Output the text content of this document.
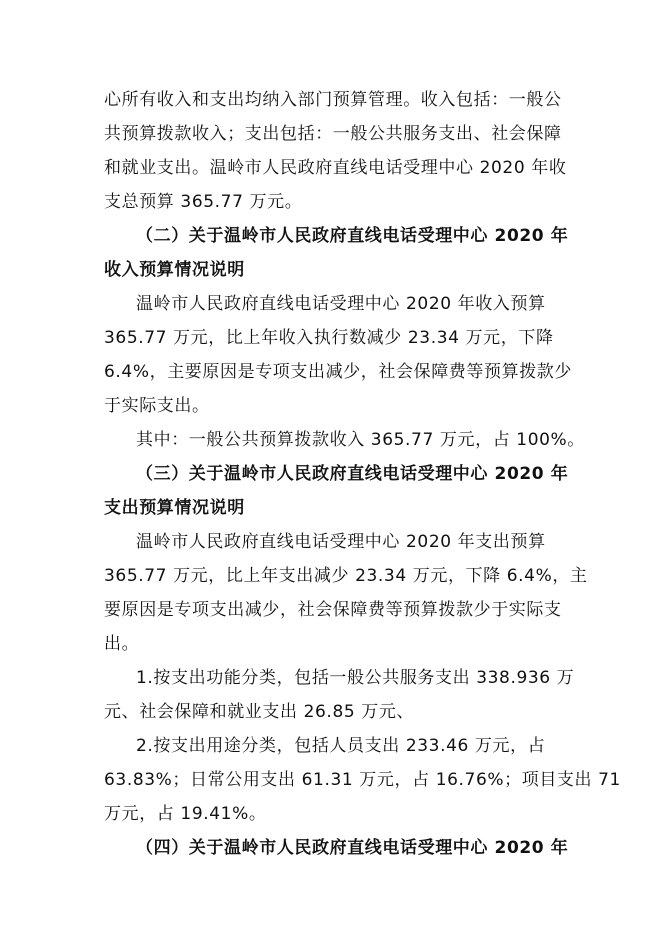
心所有收入和支出均纳入部门预算管理。收入包括：一般公
共预算拨款收入；支出包括：一般公共服务支出、社会保障
和就业支出。温岭市人民政府直线电话受理中心 2020 年收
支总预算 365.77 万元。
（二）关于温岭市人民政府直线电话受理中心 2020 年
收入预算情况说明
温岭市人民政府直线电话受理中心 2020 年收入预算
365.77 万元，比上年收入执行数减少 23.34 万元，下降
6.4%，主要原因是专项支出减少，社会保障费等预算拨款少
于实际支出。
其中：一般公共预算拨款收入 365.77 万元，占 100%。
（三）关于温岭市人民政府直线电话受理中心 2020 年
支出预算情况说明
温岭市人民政府直线电话受理中心 2020 年支出预算
365.77 万元，比上年支出减少 23.34 万元，下降 6.4%，主
要原因是专项支出减少，社会保障费等预算拨款少于实际支
出。
1.按支出功能分类，包括一般公共服务支出 338.936 万
元、社会保障和就业支出 26.85 万元、
2.按支出用途分类，包括人员支出 233.46 万元，占
63.83%；日常公用支出 61.31 万元，占 16.76%；项目支出 71
万元，占 19.41%。
（四）关于温岭市人民政府直线电话受理中心 2020 年
